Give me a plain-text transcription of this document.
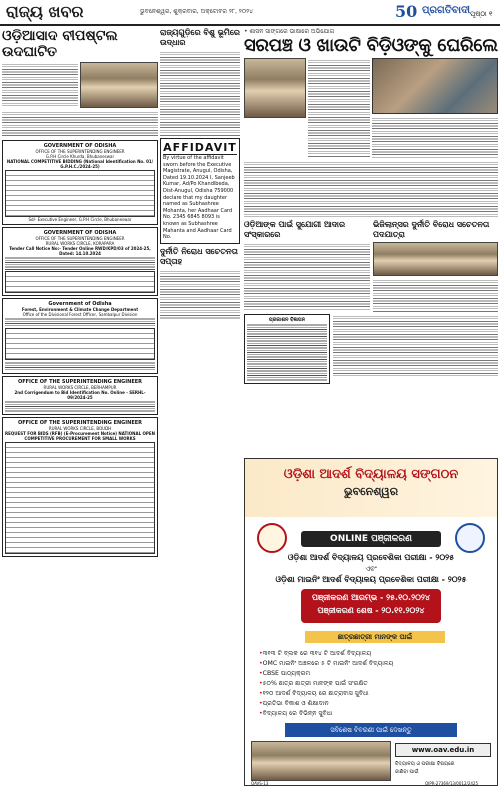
ରାଜ୍ୟ ଖବର	ଭୁବନେଶ୍ୱର, ଶୁକ୍ରବାର, ଅକ୍ଟୋବର ୨୮, ୨୦୨୪	50 ପ୍ରଗତିବାଦୀ ପୃଷ୍ଠା ୧
ଓଡ଼ିଆସାଦ ବୀପଷ୍ଟଲ ଉଦଘାଟିତ
GOVERNMENT OF ODISHA
OFFICE OF THE SUPERINTENDING ENGINEER
G.P.H Circle Khurda, Bhubaneswar
NATIONAL COMPETITIVE BIDDING (National Identification No. 01/ G.P.H.C./2024-25)
Sd/- Executive Engineer, G.P.H Circle, Bhubaneswar
GOVERNMENT OF ODISHA
OFFICE OF THE SUPERINTENDING ENGINEER
RURAL WORKS CIRCLE, KORAPARA
Tender Call Notice No:- Tender Online RWD/KPD/03 of 2024-25, Dated: 14.10.2024
Government of Odisha
Forest, Environment & Climate Change Department
Office of the Divisional Forest Officer, Sambalpur Division
OFFICE OF THE SUPERINTENDING ENGINEER
RURAL WORKS CIRCLE, BERHAMPUR
2nd Corrigendum to Bid Identification No. Online - SERHL-09/2024-25
OFFICE OF THE SUPERINTENDING ENGINEER
RURAL WORKS CIRCLE, BOUDH
REQUEST FOR BIDS (RFB) (E-Procurement Notice) NATIONAL OPEN COMPETITIVE PROCUREMENT FOR SMALL WORKS
ରାଜ୍ୟଗୁଡ଼ିରେ ବିଶୁ ଭୂମିରେ ଉଦ୍ଧାର
AFFIDAVIT
By virtue of the affidavit sworn before the Executive Magistrate, Anugul, Odisha, Dated 19.10.2024 I, Sanjeeb Kumar, Ad/Po Khandibeda, Dist-Anugul, Odisha 759000 declare that my daughter named as Subhashree Mohanta, her Aadhaar Card No. 2345 6845 8093 is known as Subhashree Mahanta and Aadhaar Card No.
ଦୁର୍ନୀତି ନିରୋଧ ସଚେତନତା ସପ୍ତାହ
• ଶାସନ ସାଙ୍ଗରେ ଭାଷାରେ ଅଭିଯୋଗ
ସରପଞ୍ଚ ଓ ଖାଉଟି ବିଡ଼ିଓଙ୍କୁ ଘେରିଲେ
ଓଡ଼ିଆଙ୍କ ପାଇଁ ସୁଯୋଗୀ ଆଦାର ସଂସ୍କାରରେ
ଭିଜିଲାନ୍ସର ଦୁର୍ନୀତି ବିରୋଧ ସଚେତନତା ପଦଯାତ୍ରା
ପ୍ରକାଶନ ବିଜ୍ଞାପନ
ଓଡ଼ିଶା ଆଦର୍ଶ ବିଦ୍ୟାଳୟ ସଙ୍ଗଠନ
ଭୁବନେଶ୍ୱର
ONLINE ପଞ୍ଜୀକରଣ
ଓଡ଼ିଶା ଆଦର୍ଶ ବିଦ୍ୟାଳୟ ପ୍ରବେଶିକା ପରୀକ୍ଷା - ୨୦୨୫
ଏବଂ
ଓଡ଼ିଶା ମାଇନିଂ ଆଦର୍ଶ ବିଦ୍ୟାଳୟ ପ୍ରବେଶିକା ପରୀକ୍ଷା - ୨୦୨୫
ପଞ୍ଜୀକରଣ ଆରମ୍ଭ - ୨୫.୧୦.୨୦୨୪
ପଞ୍ଜୀକରଣ ଶେଷ - ୨୦.୧୧.୨୦୨୪
ଛାତ୍ରଛାତ୍ରୀ ମାନଙ୍କ ପାଇଁ
• ୩୧୩ ଟି ବ୍ଲକ ରେ ୩୧୪ ଟି ଆଦର୍ଶ ବିଦ୍ୟାଳୟ
• OMC ମାଇନିଂ ଅଞ୍ଚଳରେ ୫ ଟି ମାଇନିଂ ଆଦର୍ଶ ବିଦ୍ୟାଳୟ
• CBSE ପାଠ୍ୟକ୍ରମ
• ୫୦% ଛାତ୍ର ଛାତ୍ରୀ ମାନଙ୍କ ପାଇଁ ସଂରକ୍ଷିତ
• ୧୨୦ ଆଦର୍ଶ ବିଦ୍ୟାଳୟ ରେ ଛାତ୍ରାବାସ ସୁବିଧା
• ପ୍ରତିଭା ବିକାଶ ଓ ଶିକ୍ଷାଦାନ
• ବିଦ୍ୟାଳୟ ରେ ବିଭିନ୍ନ ସୁବିଧା
ସବିଶେଷ ବିବରଣୀ ପାଇଁ ଦେଖନ୍ତୁ
www.oav.edu.in
ବିଦ୍ୟାଳୟ ଓ ପରୀକ୍ଷା ବିଷୟରେ
ଜାଣିବା ପାଇଁ
OAVS-13	OIPR-27369/13/0012/2425
